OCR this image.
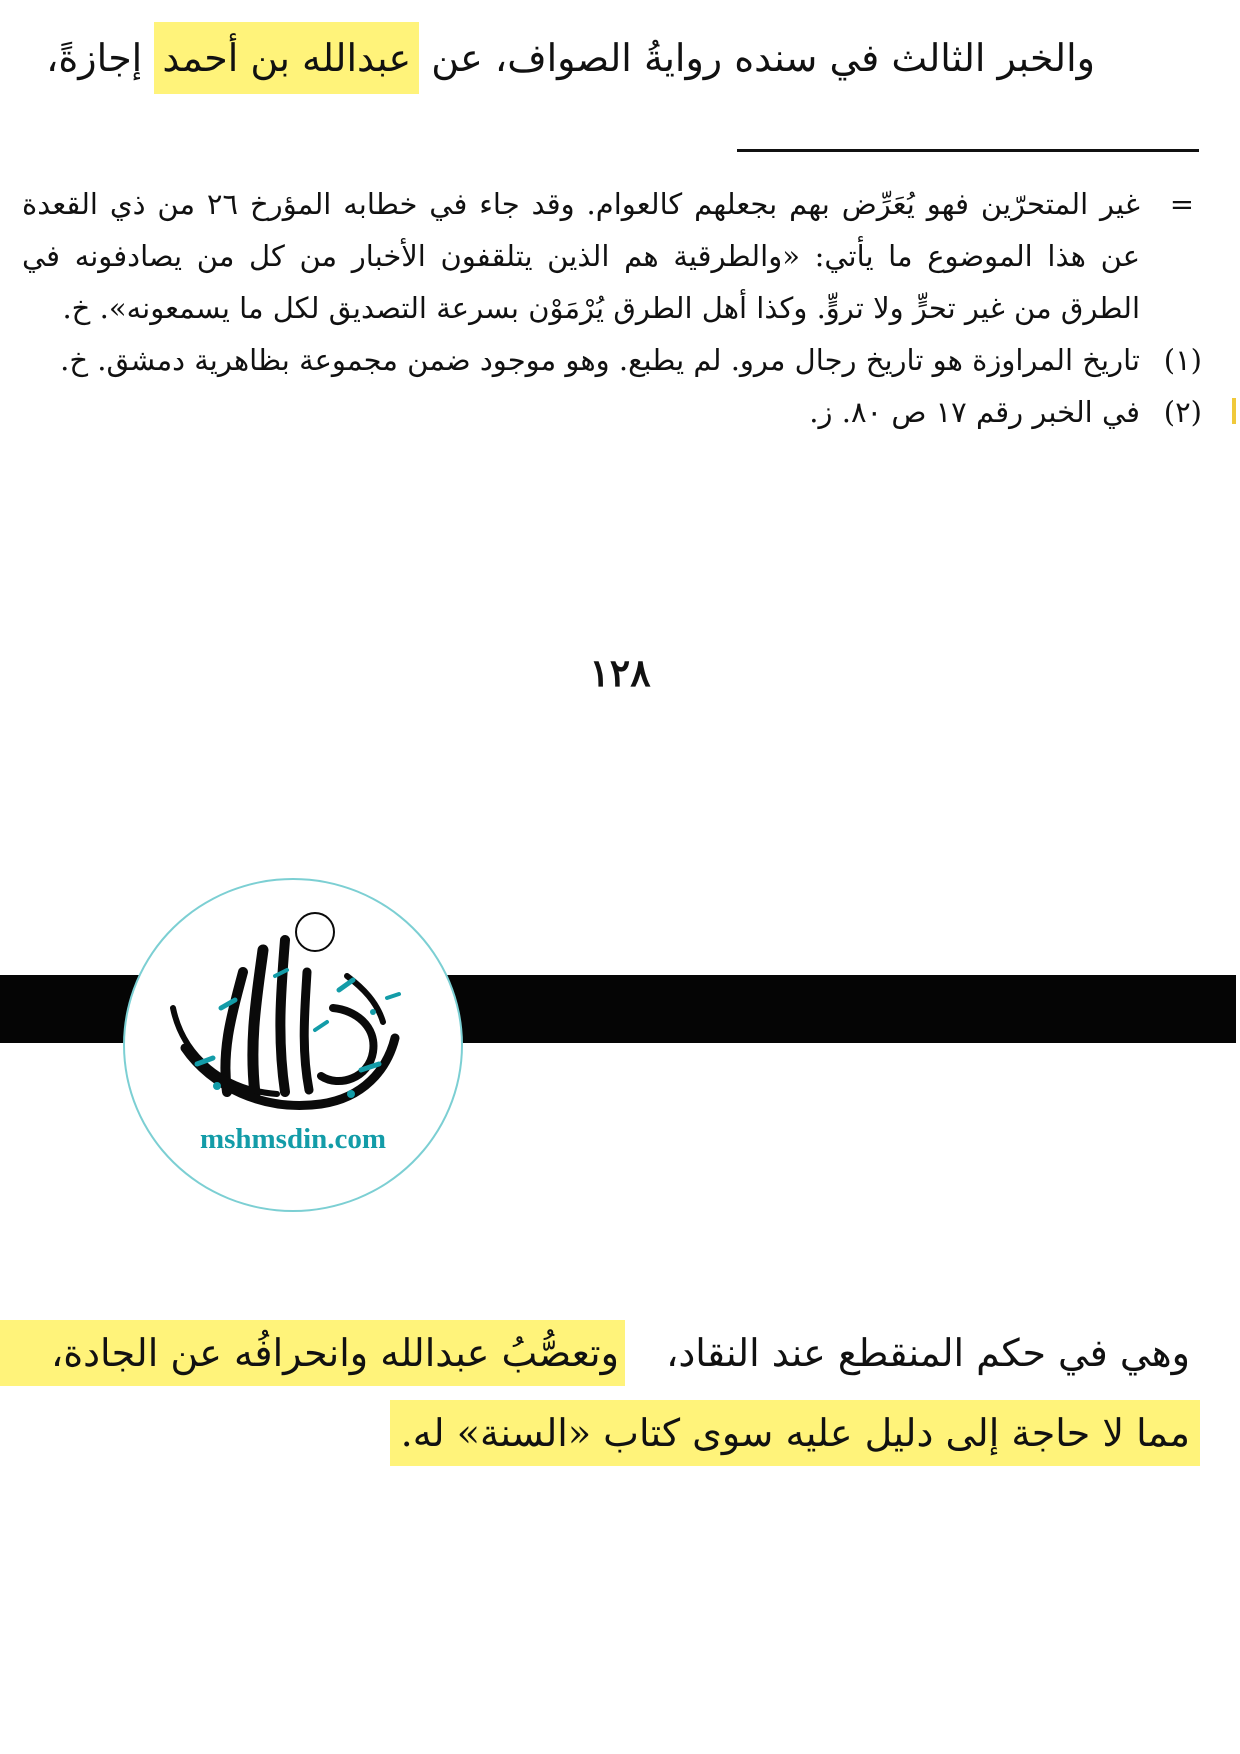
والخبر الثالث في سنده روايةُ الصواف، عن عبدالله بن أحمد إجازةً،

=
غير المتحرّين فهو يُعَرِّض بهم بجعلهم كالعوام. وقد جاء في خطابه المؤرخ ٢٦ من ذي القعدة عن هذا الموضوع ما يأتي: «والطرقية هم الذين يتلقفون الأخبار من كل من يصادفونه في الطرق من غير تحرٍّ ولا تروٍّ. وكذا أهل الطرق يُرْمَوْن بسرعة التصديق لكل ما يسمعونه». خ.

(١)
تاريخ المراوزة هو تاريخ رجال مرو. لم يطبع. وهو موجود ضمن مجموعة بظاهرية دمشق. خ.

(٢)
في الخبر رقم ١٧ ص ٨٠. ز.

١٢٨
mshmsdin.com
وهي في حكم المنقطع عند النقاد،
وتعصُّبُ عبدالله وانحرافُه عن الجادة،
مما لا حاجة إلى دليل عليه سوى كتاب «السنة» له.
